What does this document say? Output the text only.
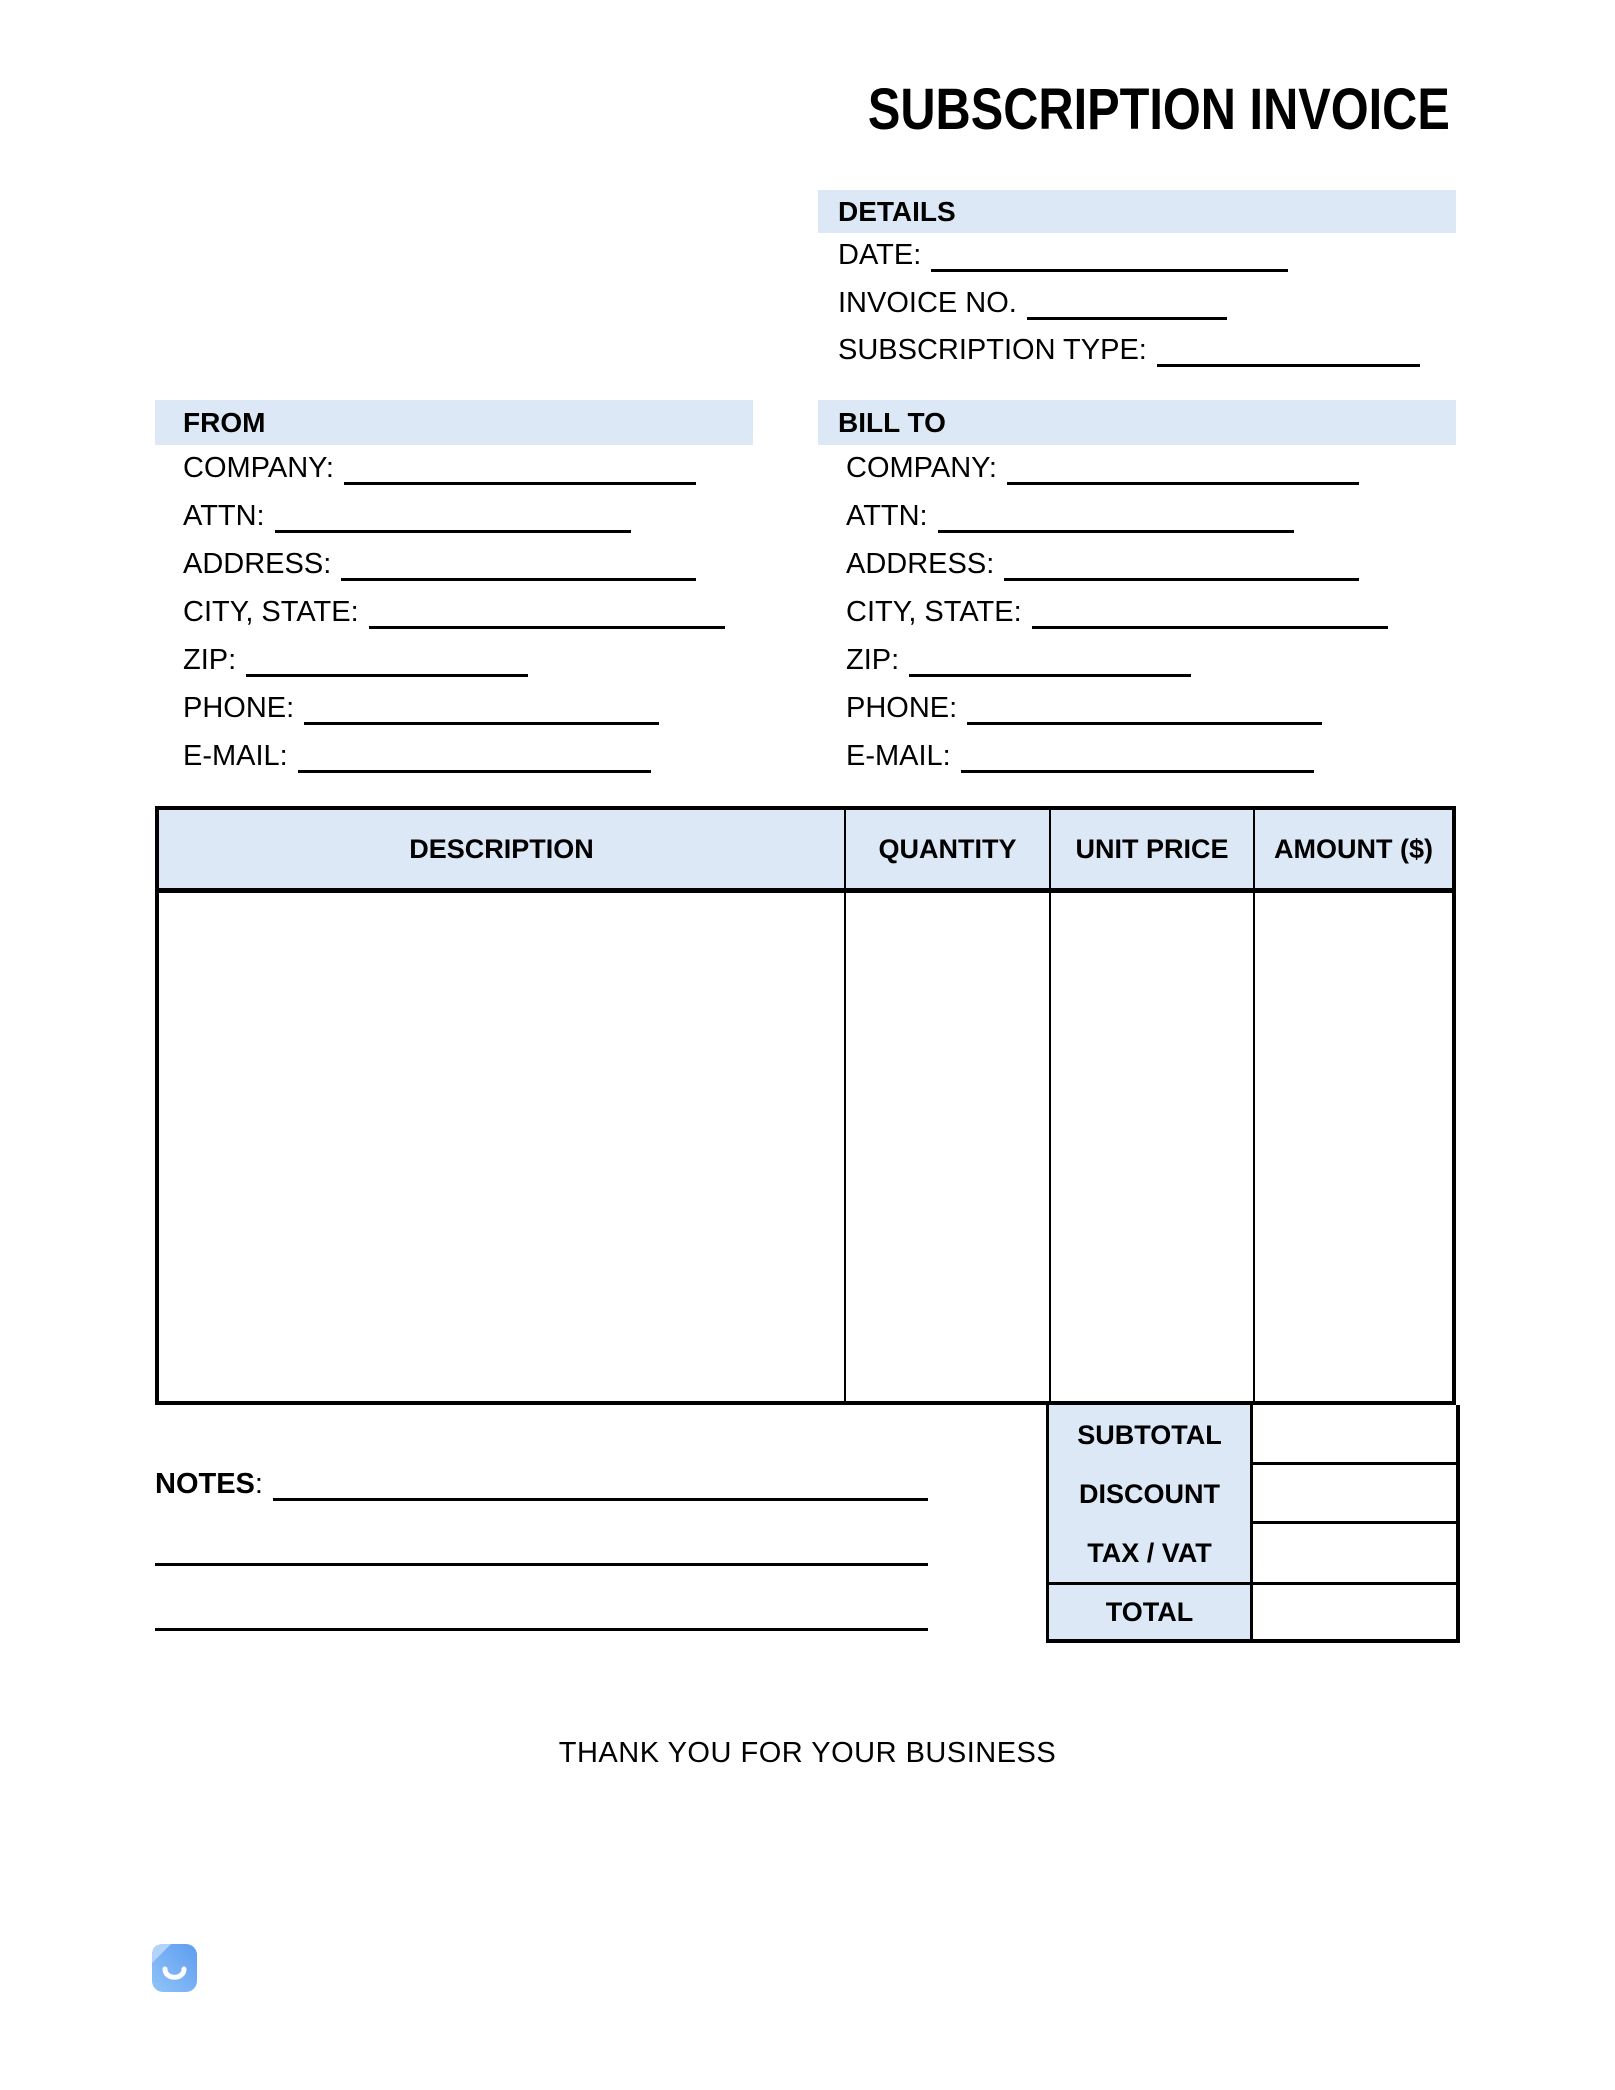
SUBSCRIPTION INVOICE
DETAILS
DATE:
INVOICE NO.
SUBSCRIPTION TYPE:
FROM
COMPANY:
ATTN:
ADDRESS:
CITY, STATE:
ZIP:
PHONE:
E-MAIL:
BILL TO
COMPANY:
ATTN:
ADDRESS:
CITY, STATE:
ZIP:
PHONE:
E-MAIL:
DESCRIPTION	QUANTITY	UNIT PRICE	AMOUNT ($)
SUBTOTAL
DISCOUNT
TAX / VAT
TOTAL
NOTES:
THANK YOU FOR YOUR BUSINESS
